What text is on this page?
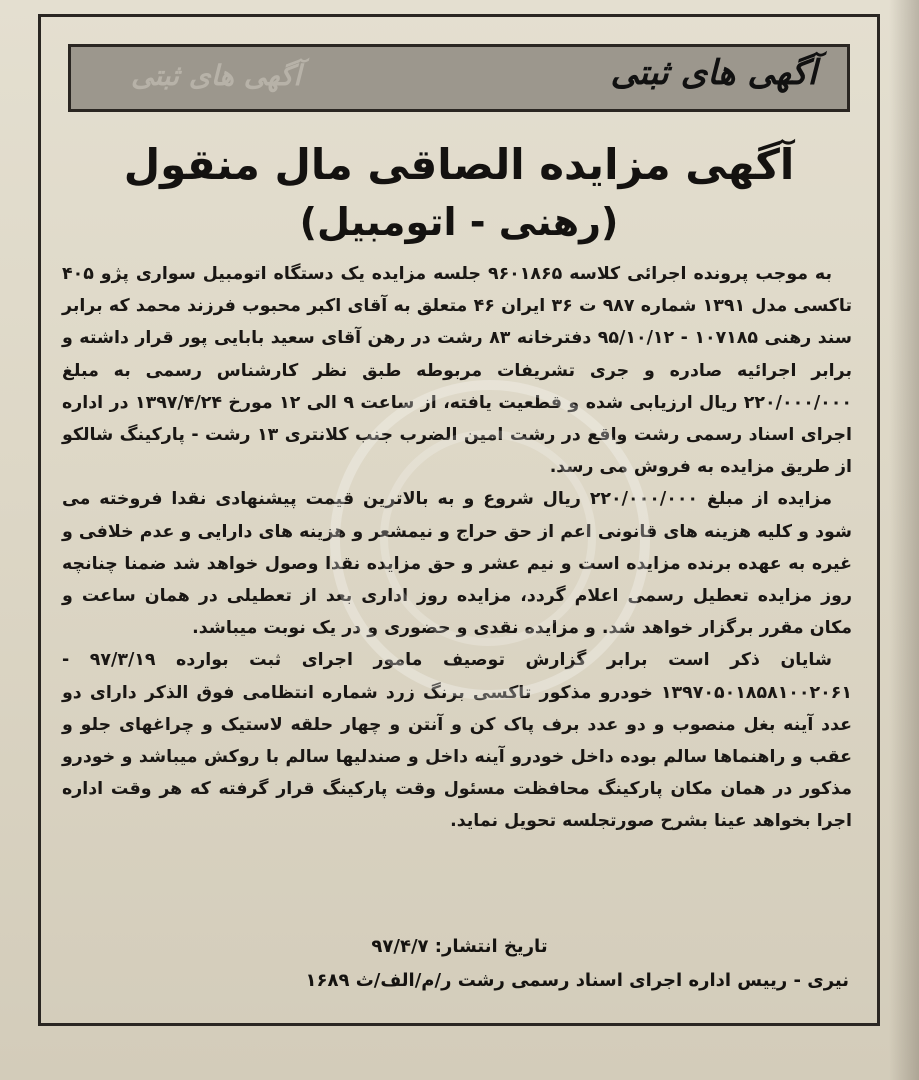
آگهی های ثبتی	آگهی های ثبتی
آگهی مزایده الصاقی مال منقول
(رهنی - اتومبیل)

به موجب پرونده اجرائی کلاسه ۹۶۰۱۸۶۵ جلسه مزایده یک دستگاه اتومبیل سواری پژو ۴۰۵ تاکسی مدل ۱۳۹۱ شماره ۹۸۷ ت ۳۶ ایران ۴۶ متعلق به آقای اکبر محبوب فرزند محمد که برابر سند رهنی ۱۰۷۱۸۵ - ۹۵/۱۰/۱۲ دفترخانه ۸۳ رشت در رهن آقای سعید بابایی پور قرار داشته و برابر اجرائیه صادره و جری تشریفات مربوطه طبق نظر کارشناس رسمی به مبلغ ۲۲۰/۰۰۰/۰۰۰ ریال ارزیابی شده و قطعیت یافته، از ساعت ۹ الی ۱۲ مورخ ۱۳۹۷/۴/۲۴ در اداره اجرای اسناد رسمی رشت واقع در رشت امین الضرب جنب کلانتری ۱۳ رشت - پارکینگ شالکو از طریق مزایده به فروش می رسد.

مزایده از مبلغ ۲۲۰/۰۰۰/۰۰۰ ریال شروع و به بالاترین قیمت پیشنهادی نقدا فروخته می شود و کلیه هزینه های قانونی اعم از حق حراج و نیمشعر و هزینه های دارایی و عدم خلافی و غیره به عهده برنده مزایده است و نیم عشر و حق مزایده نقدا وصول خواهد شد ضمنا چنانچه روز مزایده تعطیل رسمی اعلام گردد، مزایده روز اداری بعد از تعطیلی در همان ساعت و مکان مقرر برگزار خواهد شد. و مزایده نقدی و حضوری و در یک نوبت میباشد.

شایان ذکر است برابر گزارش توصیف مامور اجرای ثبت بوارده ۹۷/۳/۱۹ - ۱۳۹۷۰۵۰۱۸۵۸۱۰۰۲۰۶۱ خودرو مذکور تاکسی برنگ زرد شماره انتظامی فوق الذکر دارای دو عدد آینه بغل منصوب و دو عدد برف پاک کن و آنتن و چهار حلقه لاستیک و چراغهای جلو و عقب و راهنماها سالم بوده داخل خودرو آینه داخل و صندلیها سالم با روکش میباشد و خودرو مذکور در همان مکان پارکینگ محافظت مسئول وقت پارکینگ قرار گرفته که هر وقت اداره اجرا بخواهد عینا بشرح صورتجلسه تحویل نماید.

تاریخ انتشار: ۹۷/۴/۷
نیری - رییس اداره اجرای اسناد رسمی رشت ر/م/الف/ث ۱۶۸۹
